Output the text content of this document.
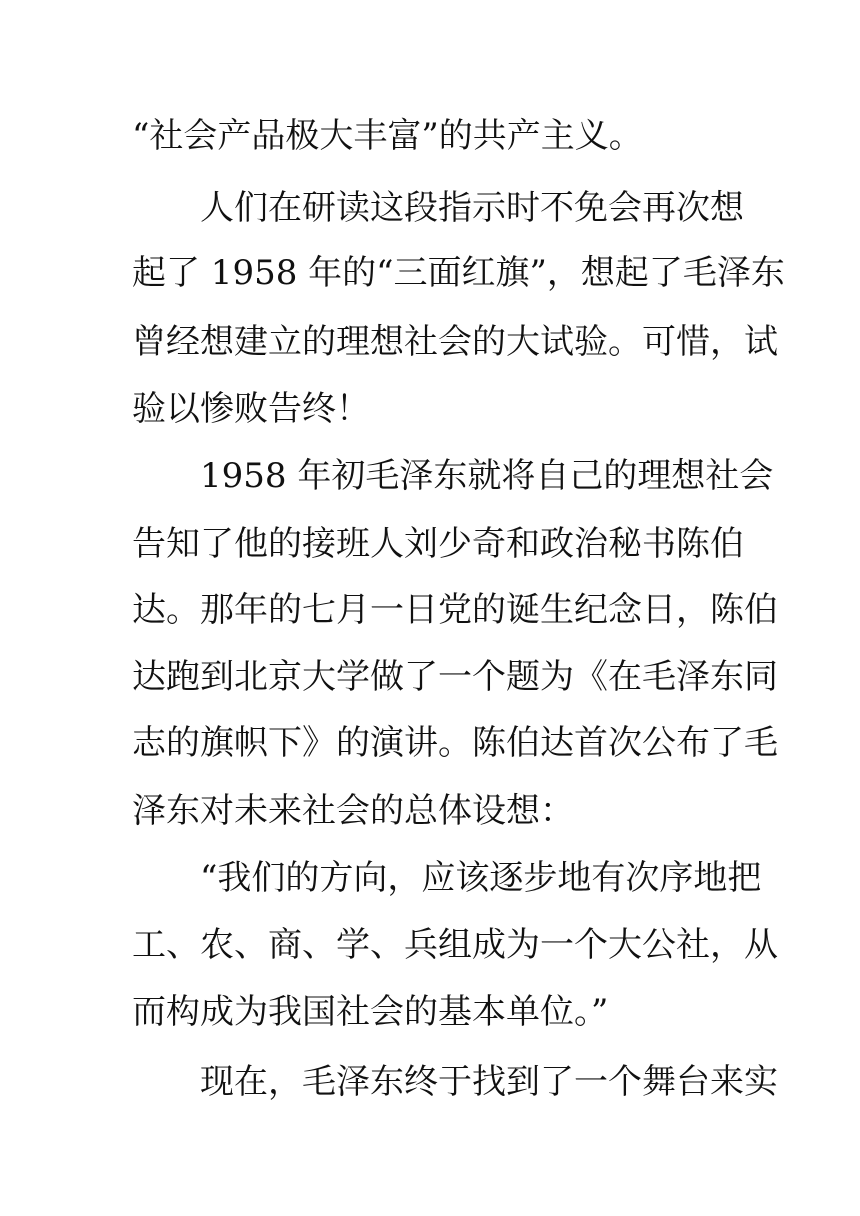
“社会产品极大丰富”的共产主义。
人们在研读这段指示时不免会再次想
起了 1958 年的“三面红旗”，想起了毛泽东
曾经想建立的理想社会的大试验。可惜，试
验以惨败告终！
1958 年初毛泽东就将自己的理想社会
告知了他的接班人刘少奇和政治秘书陈伯
达。那年的七月一日党的诞生纪念日，陈伯
达跑到北京大学做了一个题为《在毛泽东同
志的旗帜下》的演讲。陈伯达首次公布了毛
泽东对未来社会的总体设想：
“我们的方向，应该逐步地有次序地把
工、农、商、学、兵组成为一个大公社，从
而构成为我国社会的基本单位。”
现在，毛泽东终于找到了一个舞台来实
